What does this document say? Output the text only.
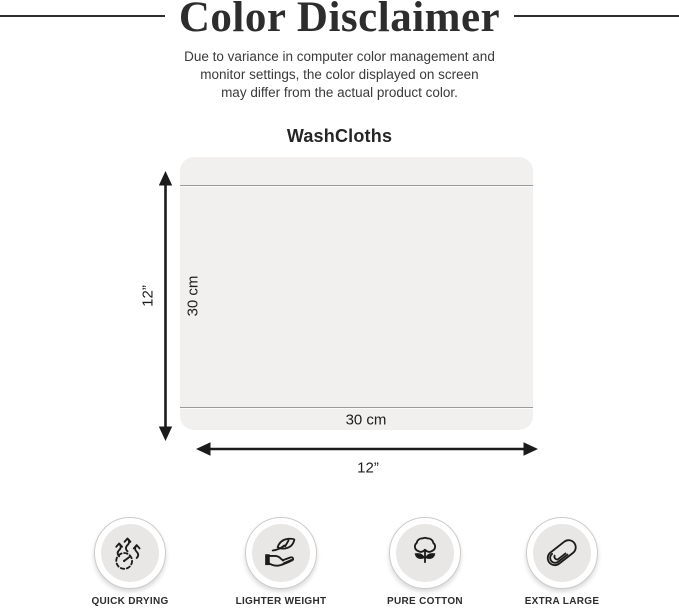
Color Disclaimer
Due to variance in computer color management and
monitor settings, the color displayed on screen
may differ from the actual product color.
WashCloths
12” 30 cm
30 cm
12”
QUICK DRYING	LIGHTER WEIGHT	PURE COTTON	EXTRA LARGE
